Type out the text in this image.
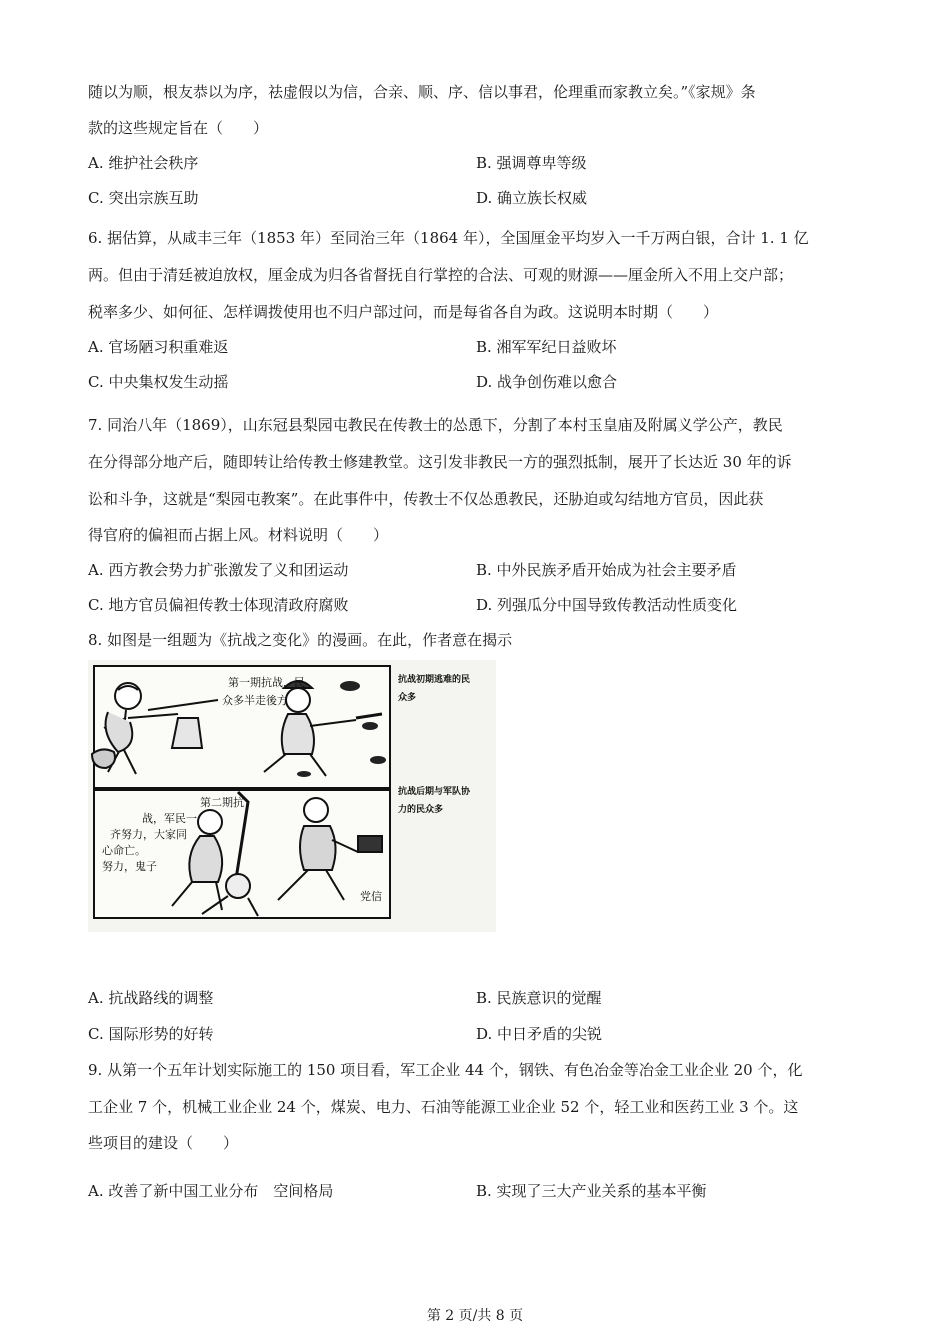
随以为顺，根友恭以为序，祛虚假以为信，合亲、顺、序、信以事君，伦理重而家教立矣。”《家规》条
款的这些规定旨在（　　）
A. 维护社会秩序	B. 强调尊卑等级
C. 突出宗族互助	D. 确立族长权威
6. 据估算，从咸丰三年（1853 年）至同治三年（1864 年），全国厘金平均岁入一千万两白银，合计 1. 1 亿
两。但由于清廷被迫放权，厘金成为归各省督抚自行掌控的合法、可观的财源——厘金所入不用上交户部；
税率多少、如何征、怎样调拨使用也不归户部过问，而是每省各自为政。这说明本时期（　　）
A. 官场陋习积重难返	B. 湘军军纪日益败坏
C. 中央集权发生动摇	D. 战争创伤难以愈合
7. 同治八年（1869），山东冠县梨园屯教民在传教士的怂恿下，分割了本村玉皇庙及附属义学公产，教民
在分得部分地产后，随即转让给传教士修建教堂。这引发非教民一方的强烈抵制，展开了长达近 30 年的诉
讼和斗争，这就是“梨园屯教案”。在此事件中，传教士不仅怂恿教民，还胁迫或勾结地方官员，因此获
得官府的偏袒而占据上风。材料说明（　　）
A. 西方教会势力扩张激发了义和团运动	B. 中外民族矛盾开始成为社会主要矛盾
C. 地方官员偏袒传教士体现清政府腐败	D. 列强瓜分中国导致传教活动性质变化
8. 如图是一组题为《抗战之变化》的漫画。在此，作者意在揭示
第一期抗战，民
众多半走後方
第二期抗
战，军民一
齐努力，大家同
心命亡。
努力，鬼子
党信
抗战初期逃难的民
众多
抗战后期与军队协
力的民众多
A. 抗战路线的调整	B. 民族意识的觉醒
C. 国际形势的好转	D. 中日矛盾的尖锐
9. 从第一个五年计划实际施工的 150 项目看，军工企业 44 个，钢铁、有色冶金等冶金工业企业 20 个，化
工企业 7 个，机械工业企业 24 个，煤炭、电力、石油等能源工业企业 52 个，轻工业和医药工业 3 个。这
些项目的建设（　　）
A. 改善了新中国工业分布　空间格局	B. 实现了三大产业关系的基本平衡
第 2 页/共 8 页
